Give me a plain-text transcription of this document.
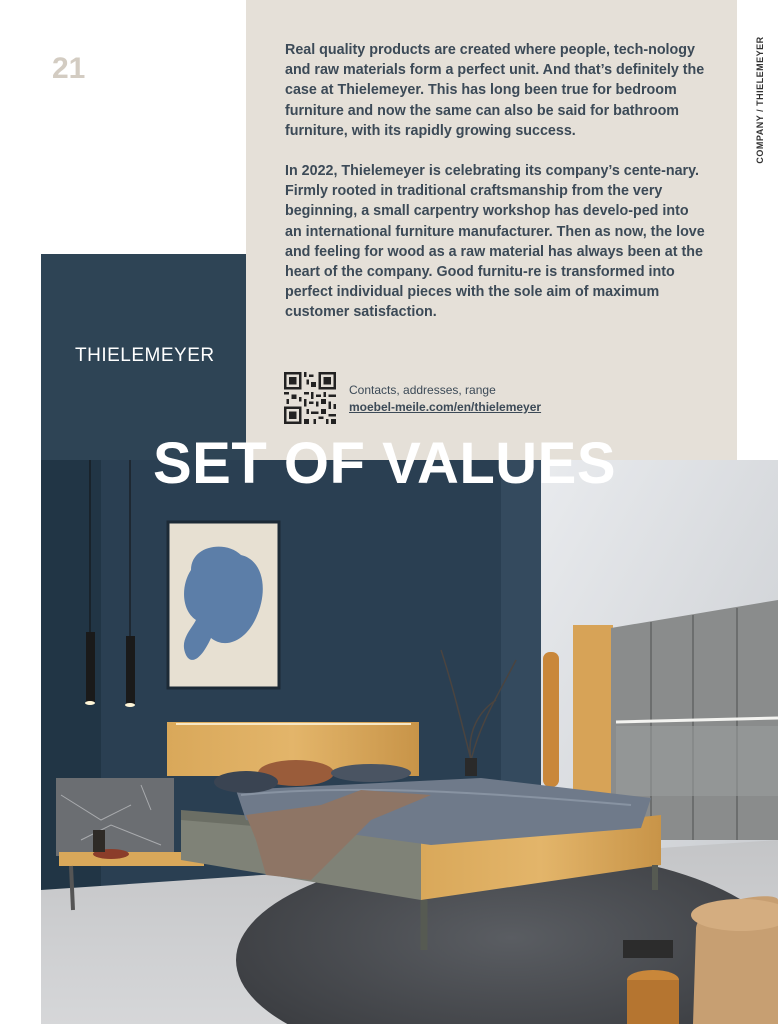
21	COMPANY / THIELEMEYER
THIELEMEYER

Real quality products are created where people, tech-nology and raw materials form a perfect unit. And that’s definitely the case at Thielemeyer. This has long been true for bedroom furniture and now the same can also be said for bathroom furniture, with its rapidly growing success.

In 2022, Thielemeyer is celebrating its company’s cente-nary. Firmly rooted in traditional craftsmanship from the very beginning, a small carpentry workshop has develo-ped into an international furniture manufacturer. Then as now, the love and feeling for wood as a raw material has always been at the heart of the company. Good furnitu-re is transformed into perfect individual pieces with the sole aim of maximum customer satisfaction.

Contacts, addresses, range
moebel-meile.com/en/thielemeyer
SET OF VALUES
